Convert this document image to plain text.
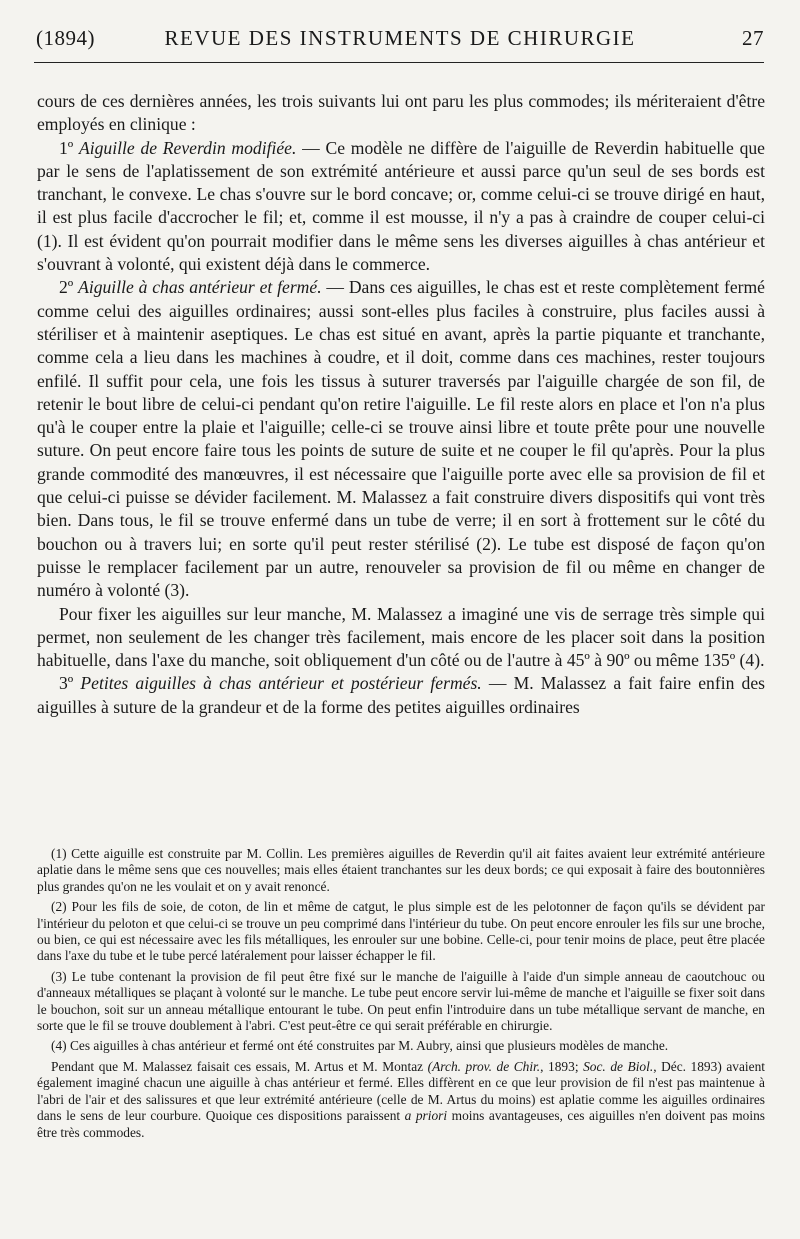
(1894)	REVUE DES INSTRUMENTS DE CHIRURGIE	27

cours de ces dernières années, les trois suivants lui ont paru les plus commodes; ils mériteraient d'être employés en clinique :

1º Aiguille de Reverdin modifiée. — Ce modèle ne diffère de l'aiguille de Reverdin habituelle que par le sens de l'aplatissement de son extrémité antérieure et aussi parce qu'un seul de ses bords est tranchant, le convexe. Le chas s'ouvre sur le bord concave; or, comme celui-ci se trouve dirigé en haut, il est plus facile d'accrocher le fil; et, comme il est mousse, il n'y a pas à craindre de couper celui-ci (1). Il est évident qu'on pourrait modifier dans le même sens les diverses aiguilles à chas antérieur et s'ouvrant à volonté, qui existent déjà dans le commerce.

2º Aiguille à chas antérieur et fermé. — Dans ces aiguilles, le chas est et reste complètement fermé comme celui des aiguilles ordinaires; aussi sont-elles plus faciles à construire, plus faciles aussi à stériliser et à maintenir aseptiques. Le chas est situé en avant, après la partie piquante et tranchante, comme cela a lieu dans les machines à coudre, et il doit, comme dans ces machines, rester toujours enfilé. Il suffit pour cela, une fois les tissus à suturer traversés par l'aiguille chargée de son fil, de retenir le bout libre de celui-ci pendant qu'on retire l'aiguille. Le fil reste alors en place et l'on n'a plus qu'à le couper entre la plaie et l'aiguille; celle-ci se trouve ainsi libre et toute prête pour une nouvelle suture. On peut encore faire tous les points de suture de suite et ne couper le fil qu'après. Pour la plus grande commodité des manœuvres, il est nécessaire que l'aiguille porte avec elle sa provision de fil et que celui-ci puisse se dévider facilement. M. Malassez a fait construire divers dispositifs qui vont très bien. Dans tous, le fil se trouve enfermé dans un tube de verre; il en sort à frottement sur le côté du bouchon ou à travers lui; en sorte qu'il peut rester stérilisé (2). Le tube est disposé de façon qu'on puisse le remplacer facilement par un autre, renouveler sa provision de fil ou même en changer de numéro à volonté (3).

Pour fixer les aiguilles sur leur manche, M. Malassez a imaginé une vis de serrage très simple qui permet, non seulement de les changer très facilement, mais encore de les placer soit dans la position habituelle, dans l'axe du manche, soit obliquement d'un côté ou de l'autre à 45º à 90º ou même 135º (4).

3º Petites aiguilles à chas antérieur et postérieur fermés. — M. Malassez a fait faire enfin des aiguilles à suture de la grandeur et de la forme des petites aiguilles ordinaires

(1) Cette aiguille est construite par M. Collin. Les premières aiguilles de Reverdin qu'il ait faites avaient leur extrémité antérieure aplatie dans le même sens que ces nouvelles; mais elles étaient tranchantes sur les deux bords; ce qui exposait à faire des boutonnières plus grandes qu'on ne les voulait et on y avait renoncé.

(2) Pour les fils de soie, de coton, de lin et même de catgut, le plus simple est de les pelotonner de façon qu'ils se dévident par l'intérieur du peloton et que celui-ci se trouve un peu comprimé dans l'intérieur du tube. On peut encore enrouler les fils sur une broche, ou bien, ce qui est nécessaire avec les fils métalliques, les enrouler sur une bobine. Celle-ci, pour tenir moins de place, peut être placée dans l'axe du tube et le tube percé latéralement pour laisser échapper le fil.

(3) Le tube contenant la provision de fil peut être fixé sur le manche de l'aiguille à l'aide d'un simple anneau de caoutchouc ou d'anneaux métalliques se plaçant à volonté sur le manche. Le tube peut encore servir lui-même de manche et l'aiguille se fixer soit dans le bouchon, soit sur un anneau métallique entourant le tube. On peut enfin l'introduire dans un tube métallique servant de manche, en sorte que le fil se trouve doublement à l'abri. C'est peut-être ce qui serait préférable en chirurgie.

(4) Ces aiguilles à chas antérieur et fermé ont été construites par M. Aubry, ainsi que plusieurs modèles de manche.

Pendant que M. Malassez faisait ces essais, M. Artus et M. Montaz (Arch. prov. de Chir., 1893; Soc. de Biol., Déc. 1893) avaient également imaginé chacun une aiguille à chas antérieur et fermé. Elles diffèrent en ce que leur provision de fil n'est pas maintenue à l'abri de l'air et des salissures et que leur extrémité antérieure (celle de M. Artus du moins) est aplatie comme les aiguilles ordinaires dans le sens de leur courbure. Quoique ces dispositions paraissent a priori moins avantageuses, ces aiguilles n'en doivent pas moins être très commodes.
